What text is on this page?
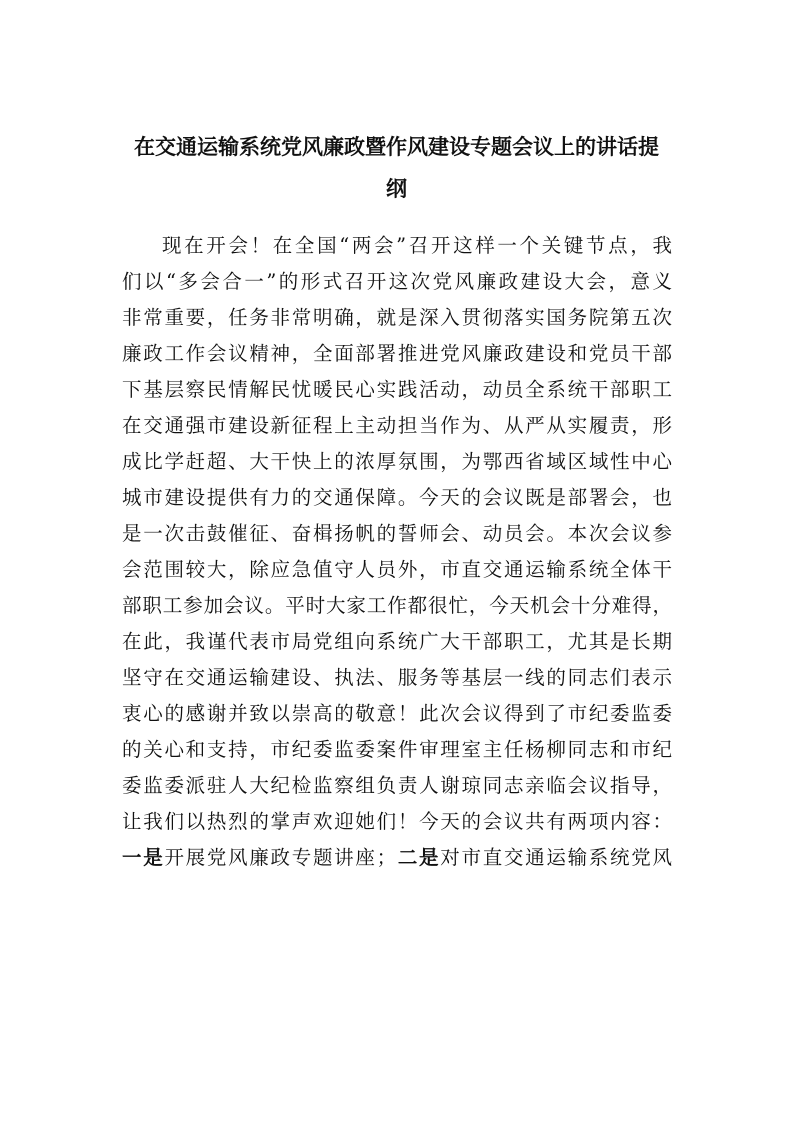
在交通运输系统党风廉政暨作风建设专题会议上的讲话提
纲
现在开会！在全国“两会”召开这样一个关键节点，我
们以“多会合一”的形式召开这次党风廉政建设大会，意义
非常重要，任务非常明确，就是深入贯彻落实国务院第五次
廉政工作会议精神，全面部署推进党风廉政建设和党员干部
下基层察民情解民忧暖民心实践活动，动员全系统干部职工
在交通强市建设新征程上主动担当作为、从严从实履责，形
成比学赶超、大干快上的浓厚氛围，为鄂西省域区域性中心
城市建设提供有力的交通保障。今天的会议既是部署会，也
是一次击鼓催征、奋楫扬帆的誓师会、动员会。本次会议参
会范围较大，除应急值守人员外，市直交通运输系统全体干
部职工参加会议。平时大家工作都很忙，今天机会十分难得，
在此，我谨代表市局党组向系统广大干部职工，尤其是长期
坚守在交通运输建设、执法、服务等基层一线的同志们表示
衷心的感谢并致以崇高的敬意！此次会议得到了市纪委监委
的关心和支持，市纪委监委案件审理室主任杨柳同志和市纪
委监委派驻人大纪检监察组负责人谢琼同志亲临会议指导，
让我们以热烈的掌声欢迎她们！今天的会议共有两项内容：
一是开展党风廉政专题讲座；二是对市直交通运输系统党风
